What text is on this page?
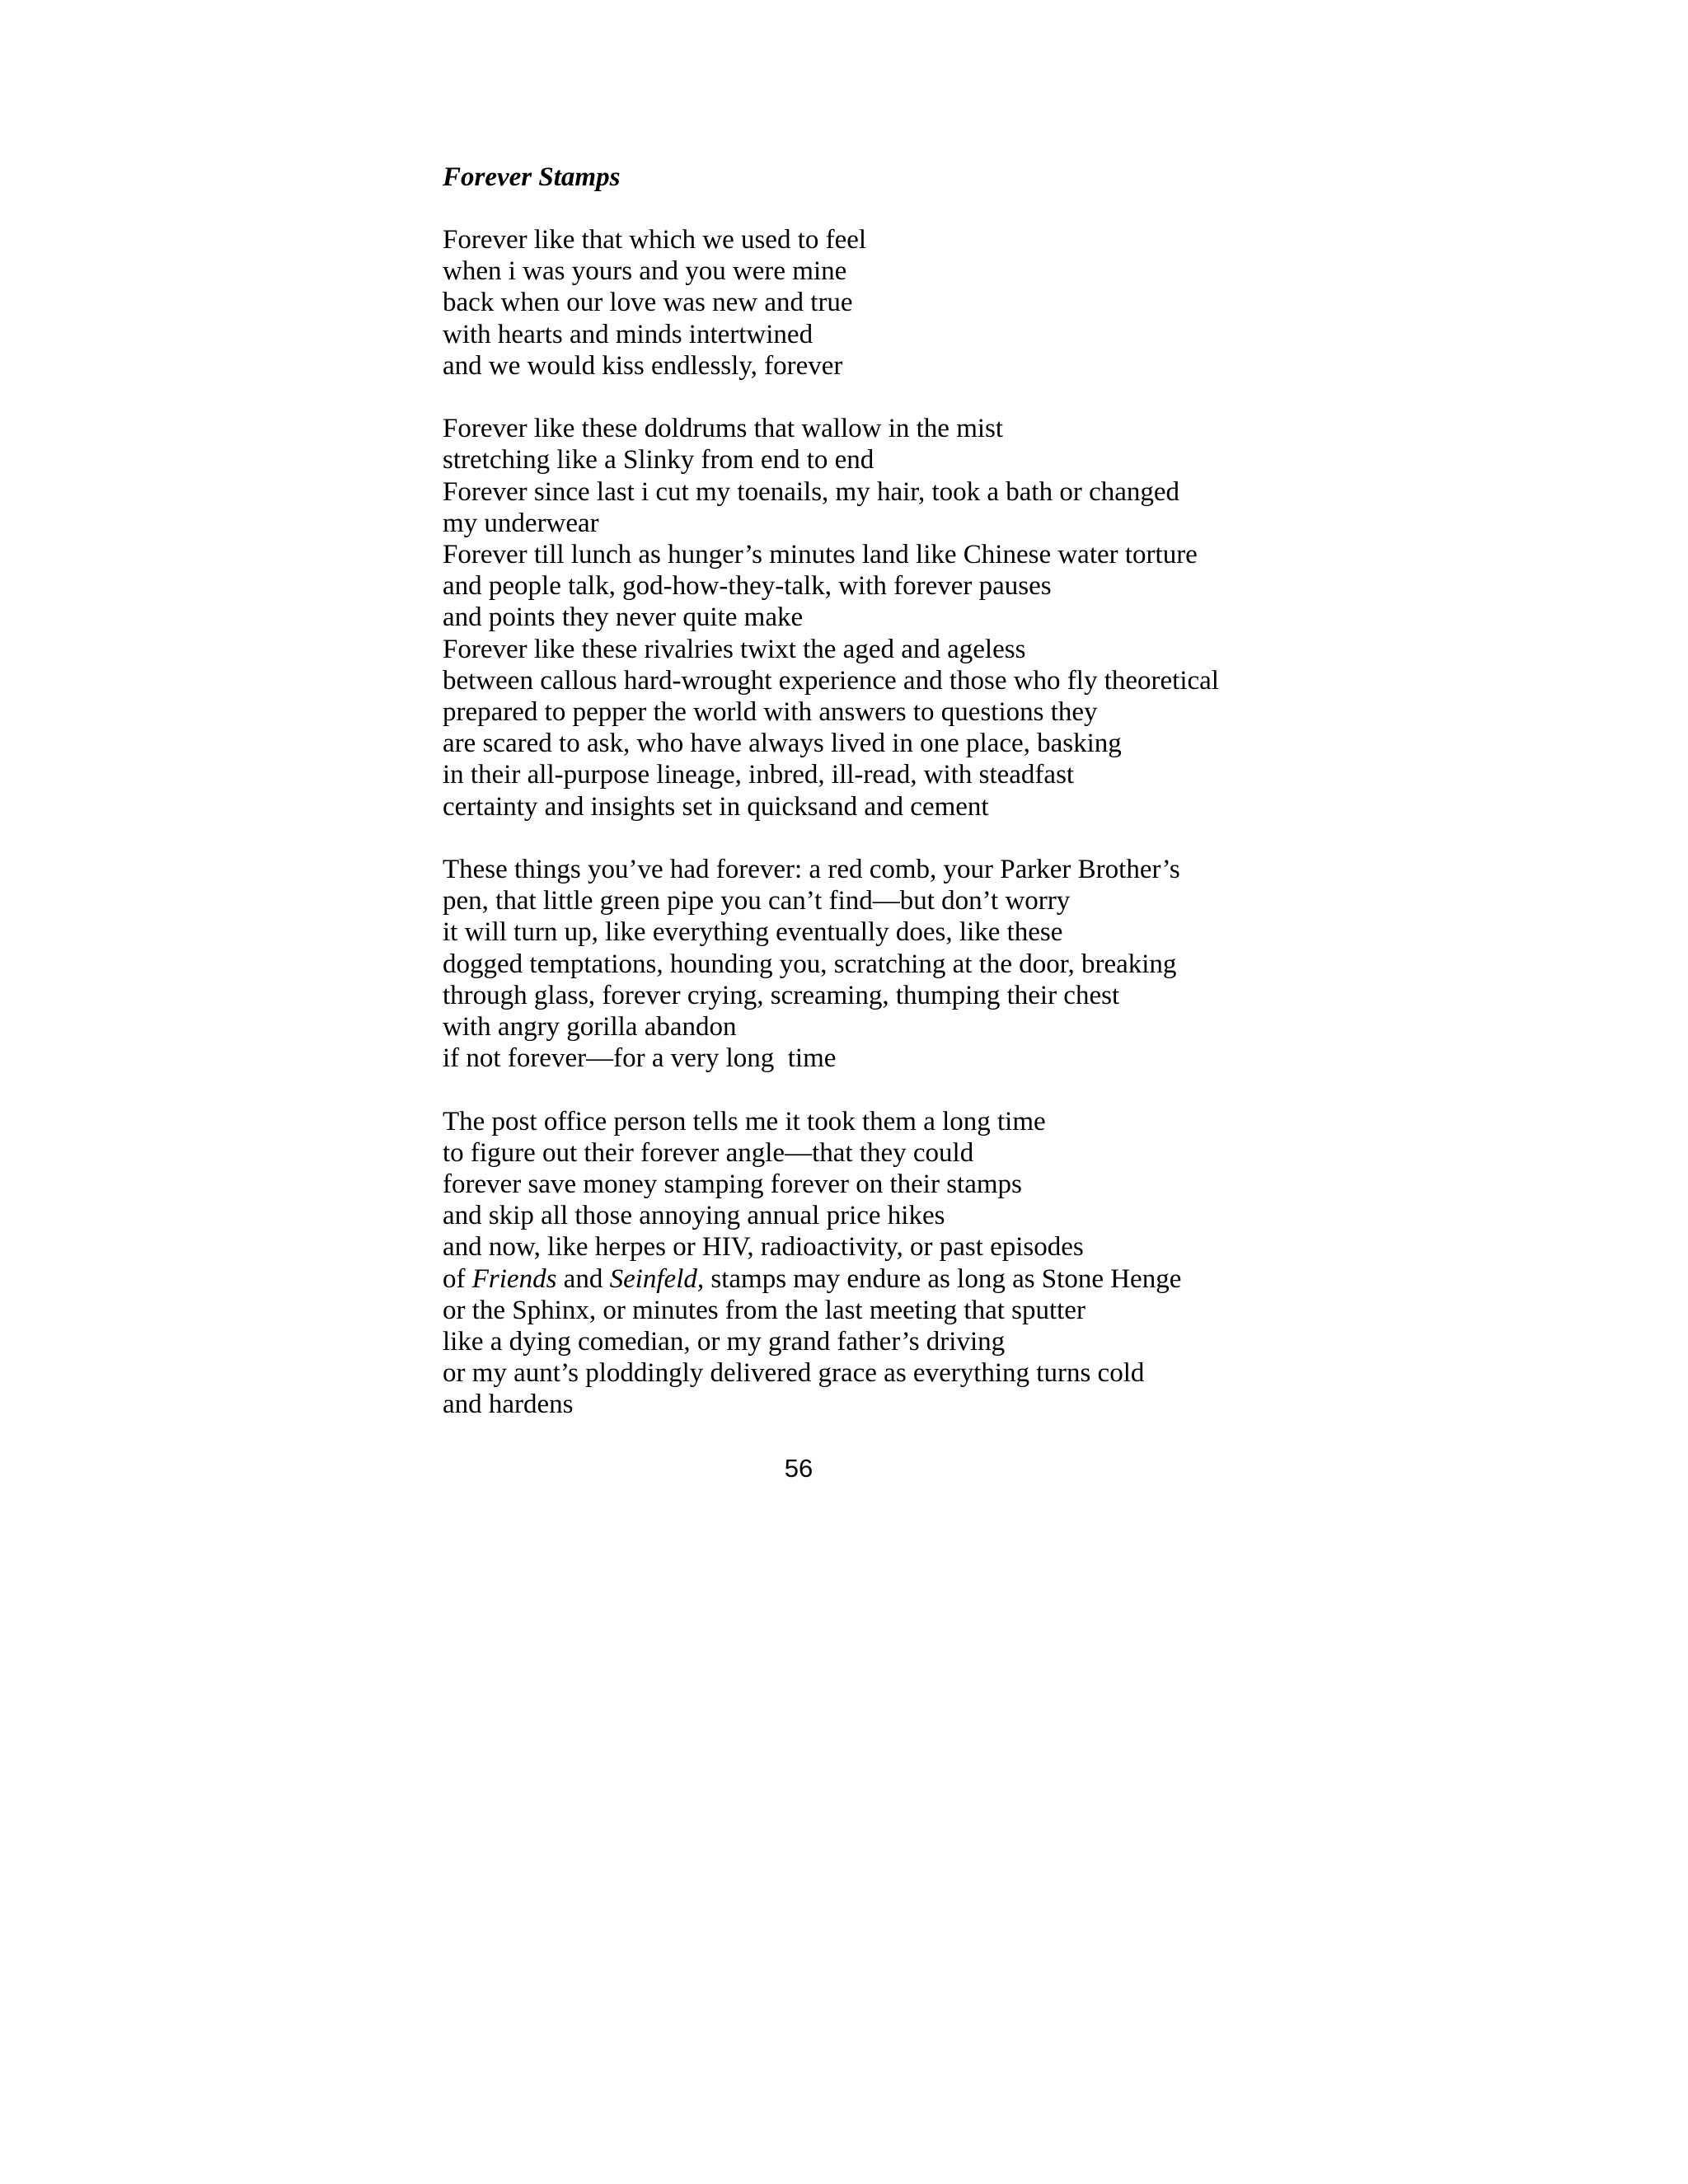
Forever Stamps
Forever like that which we used to feel
when i was yours and you were mine
back when our love was new and true
with hearts and minds intertwined
and we would kiss endlessly, forever
Forever like these doldrums that wallow in the mist
stretching like a Slinky from end to end
Forever since last i cut my toenails, my hair, took a bath or changed
my underwear
Forever till lunch as hunger’s minutes land like Chinese water torture
and people talk, god-how-they-talk, with forever pauses
and points they never quite make
Forever like these rivalries twixt the aged and ageless
between callous hard-wrought experience and those who fly theoretical
prepared to pepper the world with answers to questions they
are scared to ask, who have always lived in one place, basking
in their all-purpose lineage, inbred, ill-read, with steadfast
certainty and insights set in quicksand and cement
These things you’ve had forever: a red comb, your Parker Brother’s
pen, that little green pipe you can’t find—but don’t worry
it will turn up, like everything eventually does, like these
dogged temptations, hounding you, scratching at the door, breaking
through glass, forever crying, screaming, thumping their chest
with angry gorilla abandon
if not forever—for a very long  time
The post office person tells me it took them a long time
to figure out their forever angle—that they could
forever save money stamping forever on their stamps
and skip all those annoying annual price hikes
and now, like herpes or HIV, radioactivity, or past episodes
of Friends and Seinfeld, stamps may endure as long as Stone Henge
or the Sphinx, or minutes from the last meeting that sputter
like a dying comedian, or my grand father’s driving
or my aunt’s ploddingly delivered grace as everything turns cold
and hardens
56
